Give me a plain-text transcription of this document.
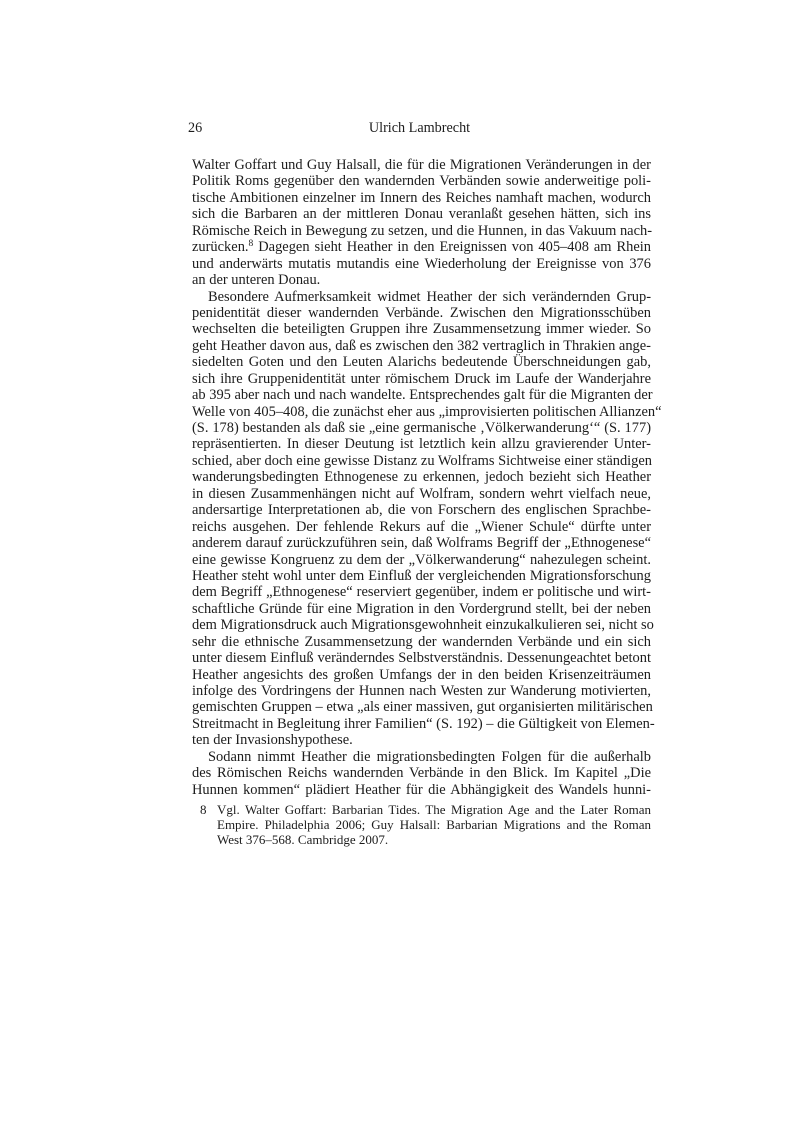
26	Ulrich Lambrecht

Walter Goffart und Guy Halsall, die für die Migrationen Veränderungen in der
Politik Roms gegenüber den wandernden Verbänden sowie anderweitige poli-
tische Ambitionen einzelner im Innern des Reiches namhaft machen, wodurch
sich die Barbaren an der mittleren Donau veranlaßt gesehen hätten, sich ins
Römische Reich in Bewegung zu setzen, und die Hunnen, in das Vakuum nach-
zurücken.$^8$ Dagegen sieht Heather in den Ereignissen von 405–408 am Rhein
und anderwärts mutatis mutandis eine Wiederholung der Ereignisse von 376
an der unteren Donau.

Besondere Aufmerksamkeit widmet Heather der sich verändernden Grup-
penidentität dieser wandernden Verbände. Zwischen den Migrationsschüben
wechselten die beteiligten Gruppen ihre Zusammensetzung immer wieder. So
geht Heather davon aus, daß es zwischen den 382 vertraglich in Thrakien ange-
siedelten Goten und den Leuten Alarichs bedeutende Überschneidungen gab,
sich ihre Gruppenidentität unter römischem Druck im Laufe der Wanderjahre
ab 395 aber nach und nach wandelte. Entsprechendes galt für die Migranten der
Welle von 405–408, die zunächst eher aus „improvisierten politischen Allianzen“
(S. 178) bestanden als daß sie „eine germanische ‚Völkerwanderung‘“ (S. 177)
repräsentierten. In dieser Deutung ist letztlich kein allzu gravierender Unter-
schied, aber doch eine gewisse Distanz zu Wolframs Sichtweise einer ständigen
wanderungsbedingten Ethnogenese zu erkennen, jedoch bezieht sich Heather
in diesen Zusammenhängen nicht auf Wolfram, sondern wehrt vielfach neue,
andersartige Interpretationen ab, die von Forschern des englischen Sprachbe-
reichs ausgehen. Der fehlende Rekurs auf die „Wiener Schule“ dürfte unter
anderem darauf zurückzuführen sein, daß Wolframs Begriff der „Ethnogenese“
eine gewisse Kongruenz zu dem der „Völkerwanderung“ nahezulegen scheint.
Heather steht wohl unter dem Einfluß der vergleichenden Migrationsforschung
dem Begriff „Ethnogenese“ reserviert gegenüber, indem er politische und wirt-
schaftliche Gründe für eine Migration in den Vordergrund stellt, bei der neben
dem Migrationsdruck auch Migrationsgewohnheit einzukalkulieren sei, nicht so
sehr die ethnische Zusammensetzung der wandernden Verbände und ein sich
unter diesem Einfluß veränderndes Selbstverständnis. Dessenungeachtet betont
Heather angesichts des großen Umfangs der in den beiden Krisenzeiträumen
infolge des Vordringens der Hunnen nach Westen zur Wanderung motivierten,
gemischten Gruppen – etwa „als einer massiven, gut organisierten militärischen
Streitmacht in Begleitung ihrer Familien“ (S. 192) – die Gültigkeit von Elemen-
ten der Invasionshypothese.

Sodann nimmt Heather die migrationsbedingten Folgen für die außerhalb
des Römischen Reichs wandernden Verbände in den Blick. Im Kapitel „Die
Hunnen kommen“ plädiert Heather für die Abhängigkeit des Wandels hunni-

8 Vgl. Walter Goffart: Barbarian Tides. The Migration Age and the Later Roman
Empire. Philadelphia 2006; Guy Halsall: Barbarian Migrations and the Roman
West 376–568. Cambridge 2007.
